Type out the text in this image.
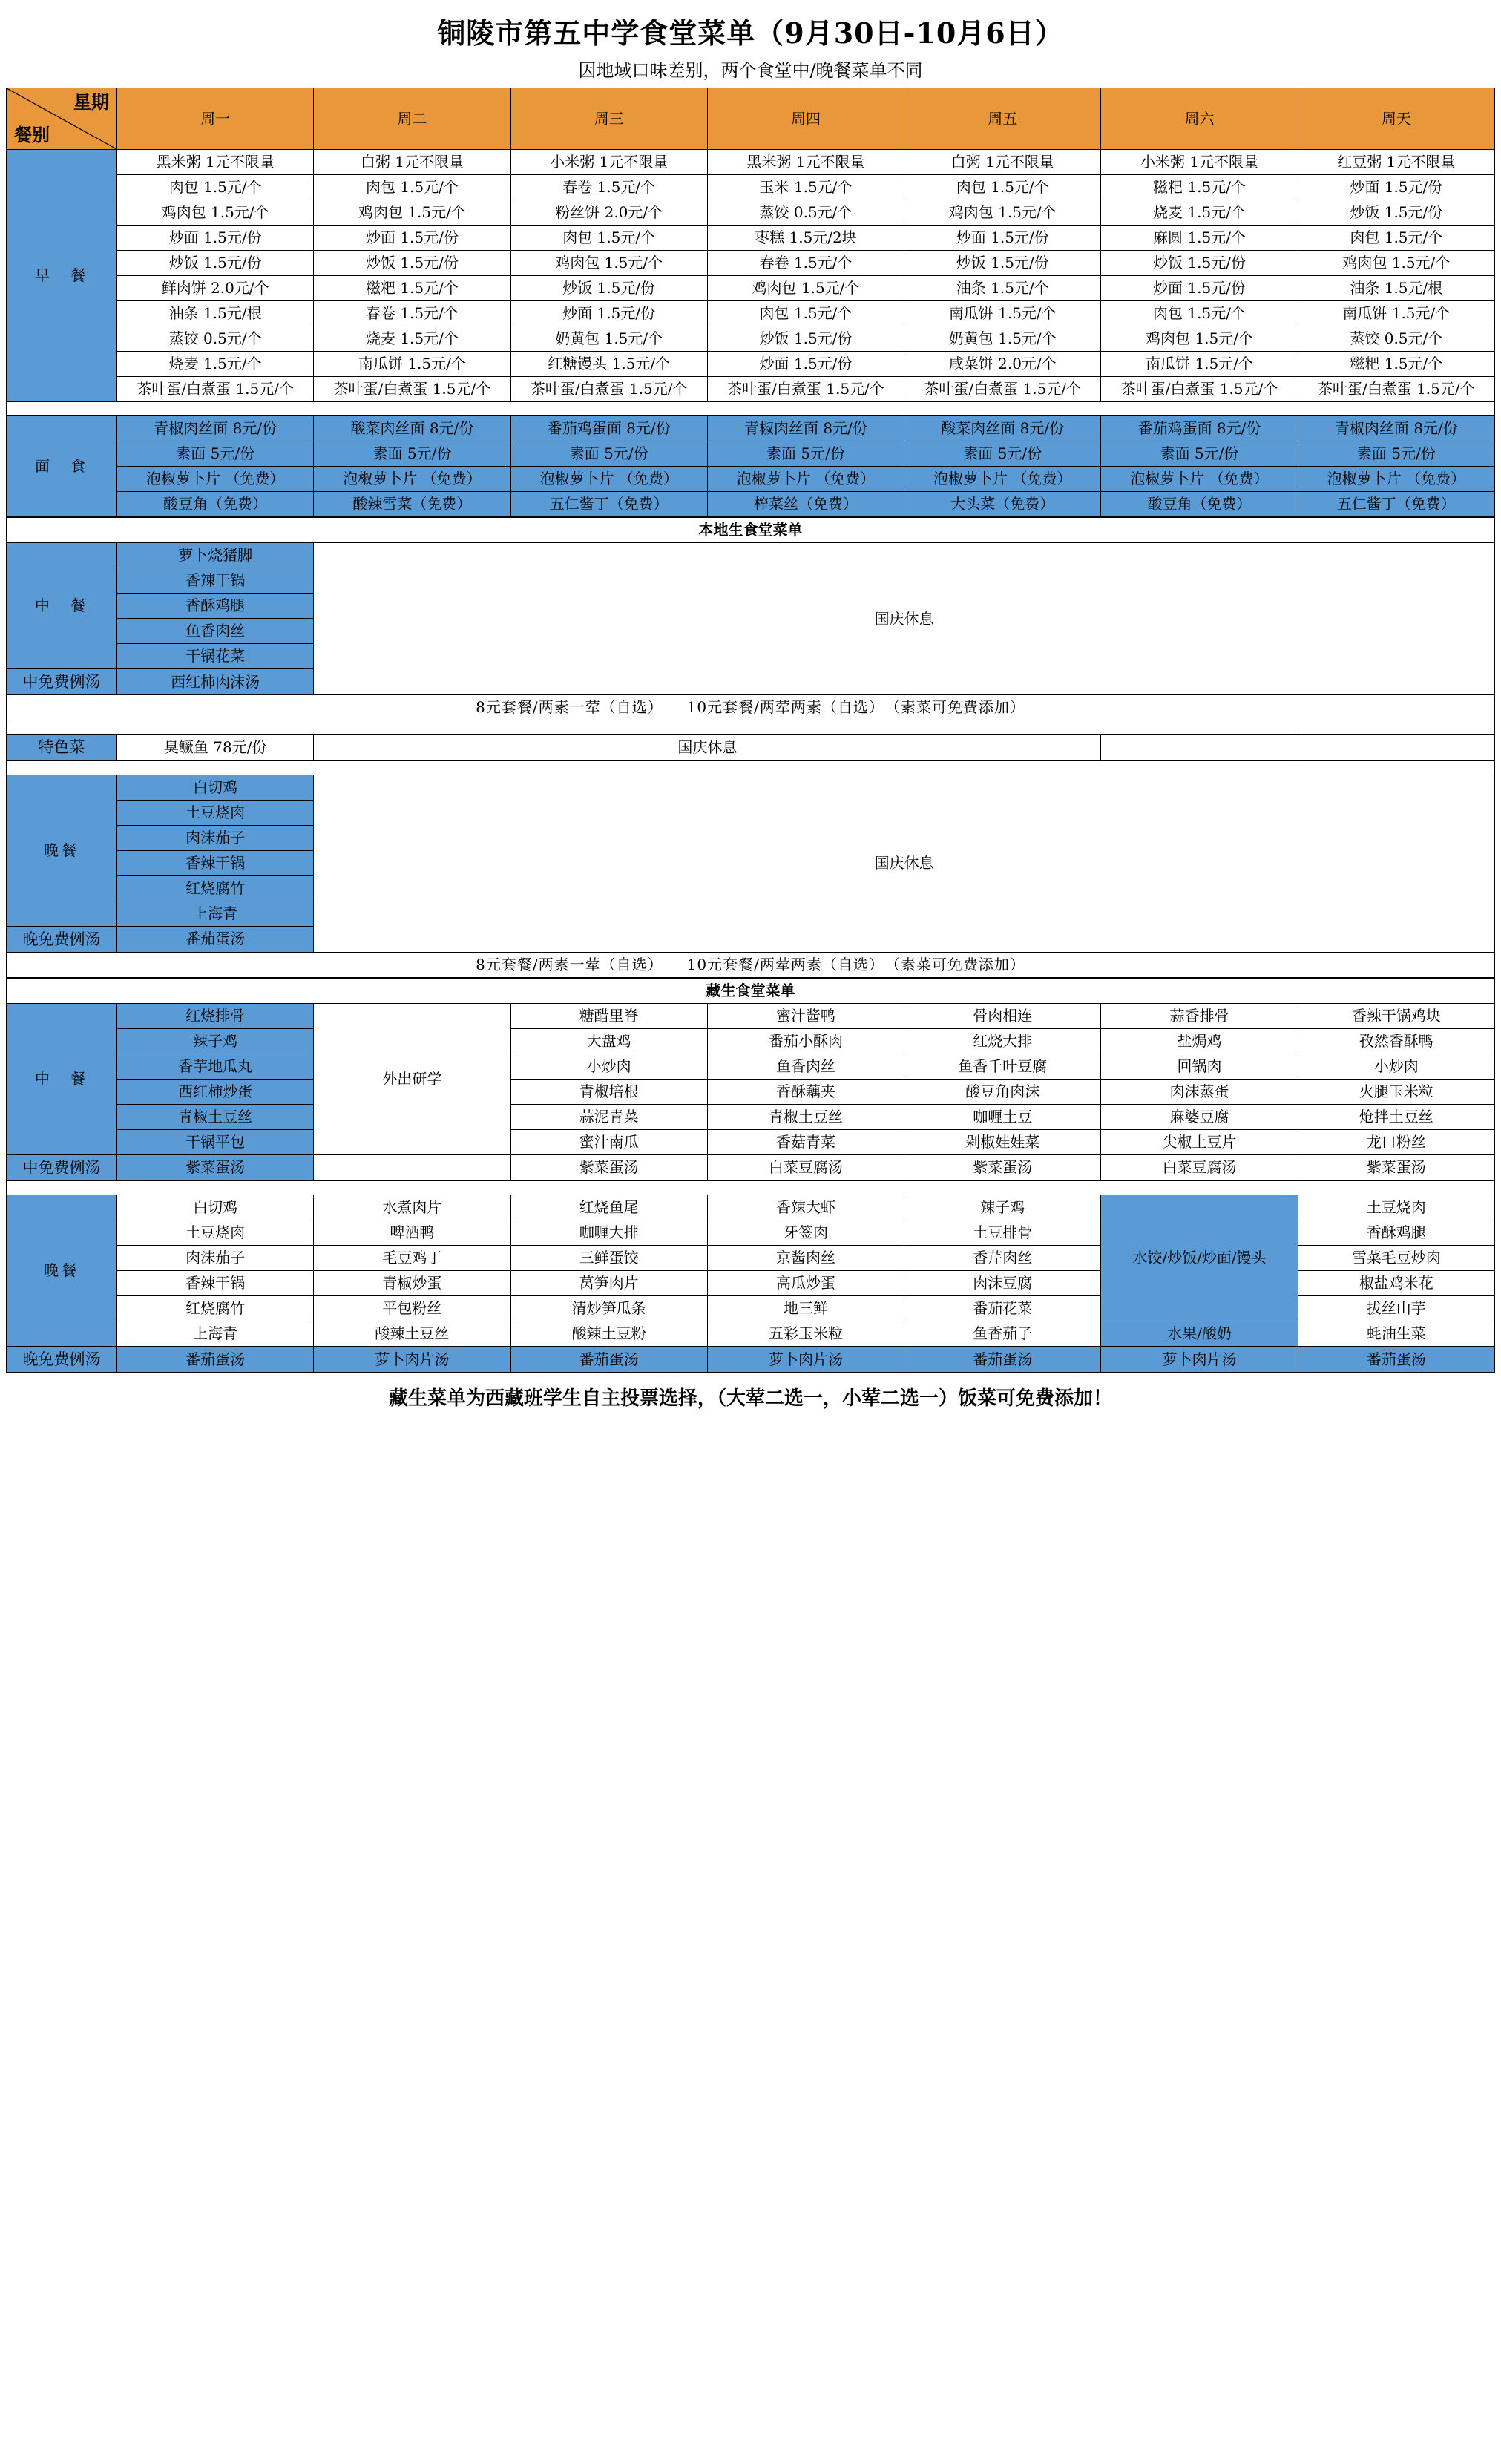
铜陵市第五中学食堂菜单（9月30日-10月6日）
因地域口味差别，两个食堂中/晚餐菜单不同
星期
餐别	周一	周二	周三	周四	周五	周六	周天
早　餐	黑米粥 1元不限量	白粥 1元不限量	小米粥 1元不限量	黑米粥 1元不限量	白粥 1元不限量	小米粥 1元不限量	红豆粥 1元不限量
	肉包 1.5元/个	肉包 1.5元/个	春卷 1.5元/个	玉米 1.5元/个	肉包 1.5元/个	糍粑 1.5元/个	炒面 1.5元/份
	鸡肉包 1.5元/个	鸡肉包 1.5元/个	粉丝饼 2.0元/个	蒸饺 0.5元/个	鸡肉包 1.5元/个	烧麦 1.5元/个	炒饭 1.5元/份
	炒面 1.5元/份	炒面 1.5元/份	肉包 1.5元/个	枣糕 1.5元/2块	炒面 1.5元/份	麻圆 1.5元/个	肉包 1.5元/个
	炒饭 1.5元/份	炒饭 1.5元/份	鸡肉包 1.5元/个	春卷 1.5元/个	炒饭 1.5元/份	炒饭 1.5元/份	鸡肉包 1.5元/个
	鲜肉饼 2.0元/个	糍粑 1.5元/个	炒饭 1.5元/份	鸡肉包 1.5元/个	油条 1.5元/个	炒面 1.5元/份	油条 1.5元/根
	油条 1.5元/根	春卷 1.5元/个	炒面 1.5元/份	肉包 1.5元/个	南瓜饼 1.5元/个	肉包 1.5元/个	南瓜饼 1.5元/个
	蒸饺 0.5元/个	烧麦 1.5元/个	奶黄包 1.5元/个	炒饭 1.5元/份	奶黄包 1.5元/个	鸡肉包 1.5元/个	蒸饺 0.5元/个
	烧麦 1.5元/个	南瓜饼 1.5元/个	红糖馒头 1.5元/个	炒面 1.5元/份	咸菜饼 2.0元/个	南瓜饼 1.5元/个	糍粑 1.5元/个
	茶叶蛋/白煮蛋 1.5元/个	茶叶蛋/白煮蛋 1.5元/个	茶叶蛋/白煮蛋 1.5元/个	茶叶蛋/白煮蛋 1.5元/个	茶叶蛋/白煮蛋 1.5元/个	茶叶蛋/白煮蛋 1.5元/个	茶叶蛋/白煮蛋 1.5元/个

面　食	青椒肉丝面 8元/份	酸菜肉丝面 8元/份	番茄鸡蛋面 8元/份	青椒肉丝面 8元/份	酸菜肉丝面 8元/份	番茄鸡蛋面 8元/份	青椒肉丝面 8元/份
	素面 5元/份	素面 5元/份	素面 5元/份	素面 5元/份	素面 5元/份	素面 5元/份	素面 5元/份
	泡椒萝卜片 （免费）	泡椒萝卜片 （免费）	泡椒萝卜片 （免费）	泡椒萝卜片 （免费）	泡椒萝卜片 （免费）	泡椒萝卜片 （免费）	泡椒萝卜片 （免费）
	酸豆角（免费）	酸辣雪菜（免费）	五仁酱丁（免费）	榨菜丝（免费）	大头菜（免费）	酸豆角（免费）	五仁酱丁（免费）
本地生食堂菜单				
中　餐	萝卜烧猪脚	国庆休息		
	香辣干锅			
	香酥鸡腿			
	鱼香肉丝			
	干锅花菜			
中免费例汤	西红柿肉沫汤			
8元套餐/两素一荤（自选）　　10元套餐/两荤两素（自选）　（素菜可免费添加）				

特色菜	臭鳜鱼 78元/份	国庆休息		

晚餐	白切鸡	国庆休息		
	土豆烧肉			
	肉沫茄子			
	香辣干锅			
	红烧腐竹			
	上海青			
晚免费例汤	番茄蛋汤			
8元套餐/两素一荤（自选）　　10元套餐/两荤两素（自选）　（素菜可免费添加）				
藏生食堂菜单							
中　餐	红烧排骨	外出研学	糖醋里脊	蜜汁酱鸭	骨肉相连	蒜香排骨	香辣干锅鸡块
	辣子鸡		大盘鸡	番茄小酥肉	红烧大排	盐焗鸡	孜然香酥鸭
	香芋地瓜丸		小炒肉	鱼香肉丝	鱼香千叶豆腐	回锅肉	小炒肉
	西红柿炒蛋		青椒培根	香酥藕夹	酸豆角肉沫	肉沫蒸蛋	火腿玉米粒
	青椒土豆丝		蒜泥青菜	青椒土豆丝	咖喱土豆	麻婆豆腐	炝拌土豆丝
	干锅平包		蜜汁南瓜	香菇青菜	剁椒娃娃菜	尖椒土豆片	龙口粉丝
中免费例汤	紫菜蛋汤		紫菜蛋汤	白菜豆腐汤	紫菜蛋汤	白菜豆腐汤	紫菜蛋汤

晚餐	白切鸡	水煮肉片	红烧鱼尾	香辣大虾	辣子鸡	水饺/炒饭/炒面/馒头	土豆烧肉
	土豆烧肉	啤酒鸭	咖喱大排	牙签肉	土豆排骨		香酥鸡腿
	肉沫茄子	毛豆鸡丁	三鲜蛋饺	京酱肉丝	香芹肉丝		雪菜毛豆炒肉
	香辣干锅	青椒炒蛋	莴笋肉片	高瓜炒蛋	肉沫豆腐		椒盐鸡米花
	红烧腐竹	平包粉丝	清炒笋瓜条	地三鲜	番茄花菜		拔丝山芋
	上海青	酸辣土豆丝	酸辣土豆粉	五彩玉米粒	鱼香茄子	水果/酸奶	蚝油生菜
晚免费例汤	番茄蛋汤	萝卜肉片汤	番茄蛋汤	萝卜肉片汤	番茄蛋汤	萝卜肉片汤	番茄蛋汤
藏生菜单为西藏班学生自主投票选择，（大荤二选一，小荤二选一）饭菜可免费添加！
